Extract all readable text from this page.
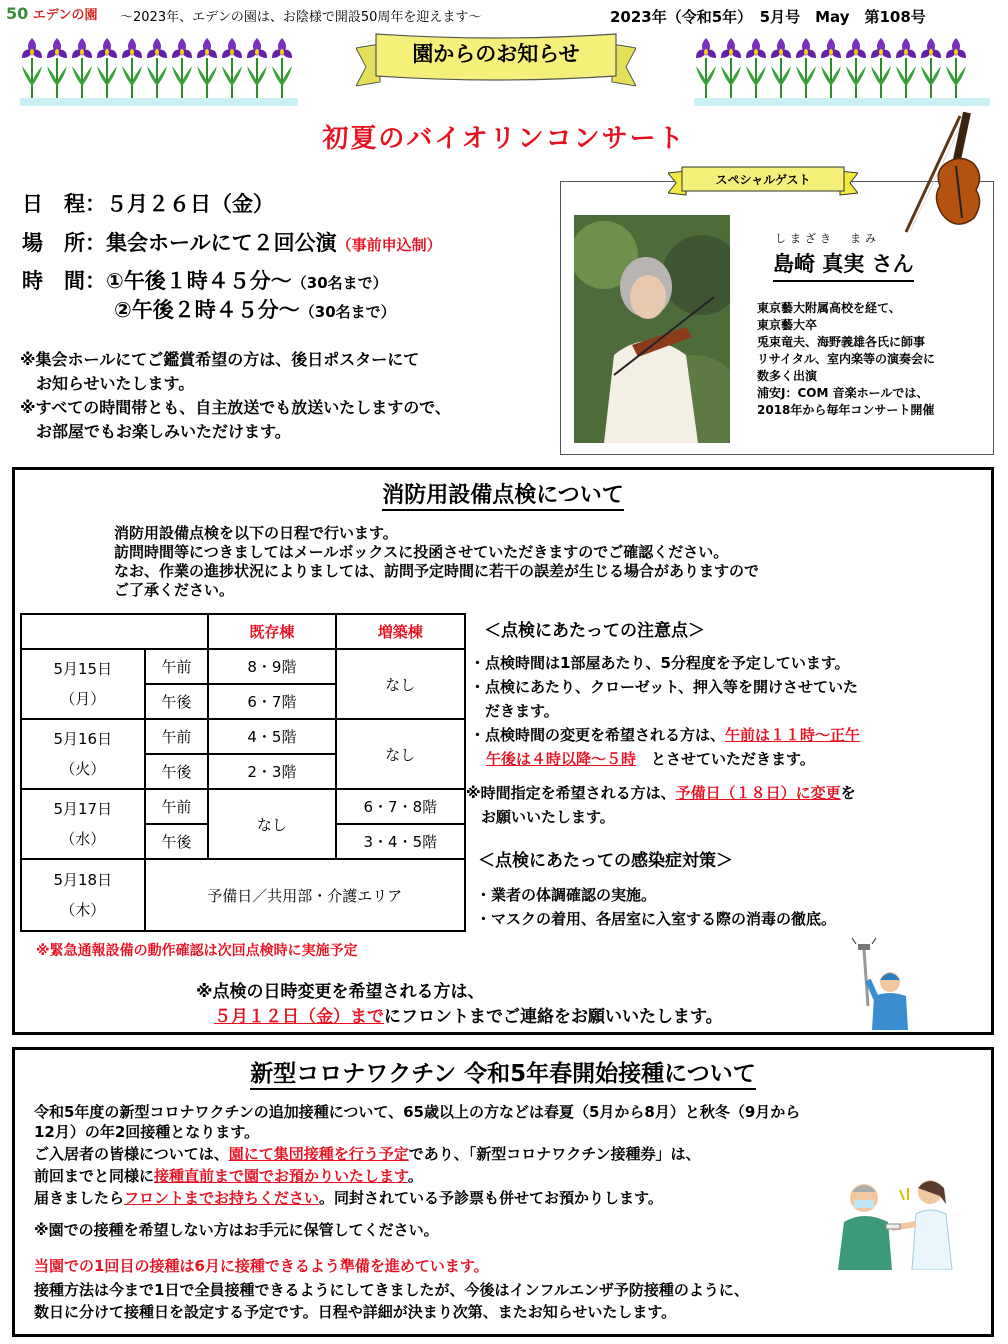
50 エデンの園 ～2023年、エデンの園は、お陰様で開設50周年を迎えます～	2023年（令和5年）　5月号　May　第108号
園からのお知らせ
初夏のバイオリンコンサート
日　程：５月２６日（金）
場　所：集会ホールにて２回公演（事前申込制）
時　間：①午後１時４５分～（30名まで）
②午後２時４５分～（30名まで）
※集会ホールにてご鑑賞希望の方は、後日ポスターにて
　お知らせいたします。
※すべての時間帯とも、自主放送でも放送いたしますので、
　お部屋でもお楽しみいただけます。
スペシャルゲスト
しまざき　まみ
島崎 真実 さん
東京藝大附属高校を経て、
東京藝大卒
兎束竜夫、海野義雄各氏に師事
リサイタル、室内楽等の演奏会に
数多く出演
浦安J：COM 音楽ホールでは、
2018年から毎年コンサート開催
消防用設備点検について
消防用設備点検を以下の日程で行います。
訪問時間等につきましてはメールボックスに投函させていただきますのでご確認ください。
なお、作業の進捗状況によりましては、訪問予定時間に若干の誤差が生じる場合がありますので
ご了承ください。
		既存棟	増築棟

5月15日
（月）	午前	8・9階	なし
	午後	6・7階	

5月16日
（火）	午前	4・5階	なし
	午後	2・3階	

5月17日
（水）	午前	なし	6・7・8階
	午後		3・4・5階

5月18日
（木）	予備日／共用部・介護エリア		
※緊急通報設備の動作確認は次回点検時に実施予定
＜点検にあたっての注意点＞
・点検時間は1部屋あたり、5分程度を予定しています。
・点検にあたり、クローゼット、押入等を開けさせていた
　だきます。
・点検時間の変更を希望される方は、午前は１１時～正午
午後は４時以降～５時　とさせていただきます。
※時間指定を希望される方は、予備日（１８日）に変更を
　お願いいたします。
＜点検にあたっての感染症対策＞
・業者の体調確認の実施。
・マスクの着用、各居室に入室する際の消毒の徹底。
※点検の日時変更を希望される方は、
５月１２日（金）までにフロントまでご連絡をお願いいたします。
新型コロナワクチン 令和5年春開始接種について
令和5年度の新型コロナワクチンの追加接種について、65歳以上の方などは春夏（5月から8月）と秋冬（9月から
12月）の年2回接種となります。
ご入居者の皆様については、園にて集団接種を行う予定であり、「新型コロナワクチン接種券」は、
前回までと同様に接種直前まで園でお預かりいたします。
届きましたらフロントまでお持ちください。同封されている予診票も併せてお預かりします。
※園での接種を希望しない方はお手元に保管してください。
当園での1回目の接種は6月に接種できるよう準備を進めています。
接種方法は今まで1日で全員接種できるようにしてきましたが、今後はインフルエンザ予防接種のように、
数日に分けて接種日を設定する予定です。日程や詳細が決まり次第、またお知らせいたします。
